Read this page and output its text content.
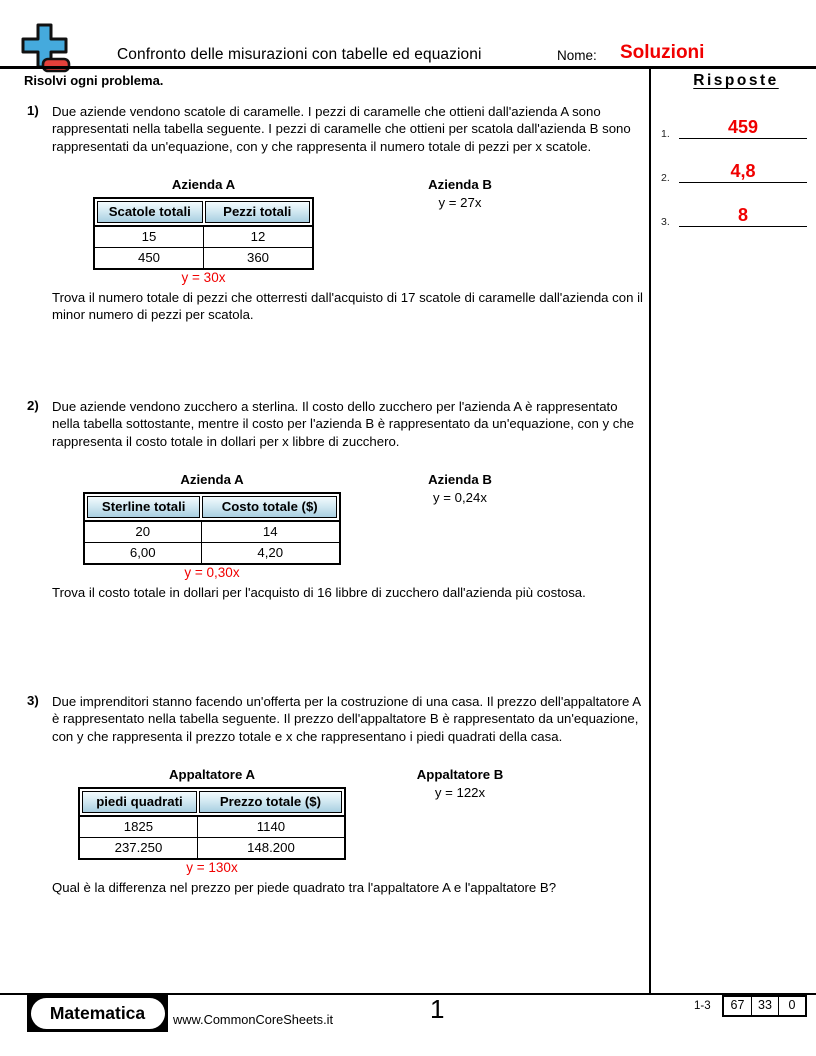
Confronto delle misurazioni con tabelle ed equazioni	Nome: Soluzioni
Risolvi ogni problema.	Risposte
1.	459
2.	4,8
3.	8
1) Due aziende vendono scatole di caramelle. I pezzi di caramelle che ottieni dall'azienda A sono rappresentati nella tabella seguente. I pezzi di caramelle che ottieni per scatola dall'azienda B sono rappresentati da un'equazione, con y che rappresenta il numero totale di pezzi per x scatole.
Azienda A	Azienda B
y = 27x
Scatole totali	Pezzi totali
15	12
450	360
y = 30x
Trova il numero totale di pezzi che otterresti dall'acquisto di 17 scatole di caramelle dall'azienda con il minor numero di pezzi per scatola.
2) Due aziende vendono zucchero a sterlina. Il costo dello zucchero per l'azienda A è rappresentato nella tabella sottostante, mentre il costo per l'azienda B è rappresentato da un'equazione, con y che rappresenta il costo totale in dollari per x libbre di zucchero.
Azienda A	Azienda B
y = 0,24x
Sterline totali	Costo totale ($)
20	14
6,00	4,20
y = 0,30x
Trova il costo totale in dollari per l'acquisto di 16 libbre di zucchero dall'azienda più costosa.
3) Due imprenditori stanno facendo un'offerta per la costruzione di una casa. Il prezzo dell'appaltatore A è rappresentato nella tabella seguente. Il prezzo dell'appaltatore B è rappresentato da un'equazione, con y che rappresenta il prezzo totale e x che rappresentano i piedi quadrati della casa.
Appaltatore A	Appaltatore B
y = 122x
piedi quadrati	Prezzo totale ($)
1825	1140
237.250	148.200
y = 130x
Qual è la differenza nel prezzo per piede quadrato tra l'appaltatore A e l'appaltatore B?
Matematica	www.CommonCoreSheets.it	1	1-3	67	33	0
